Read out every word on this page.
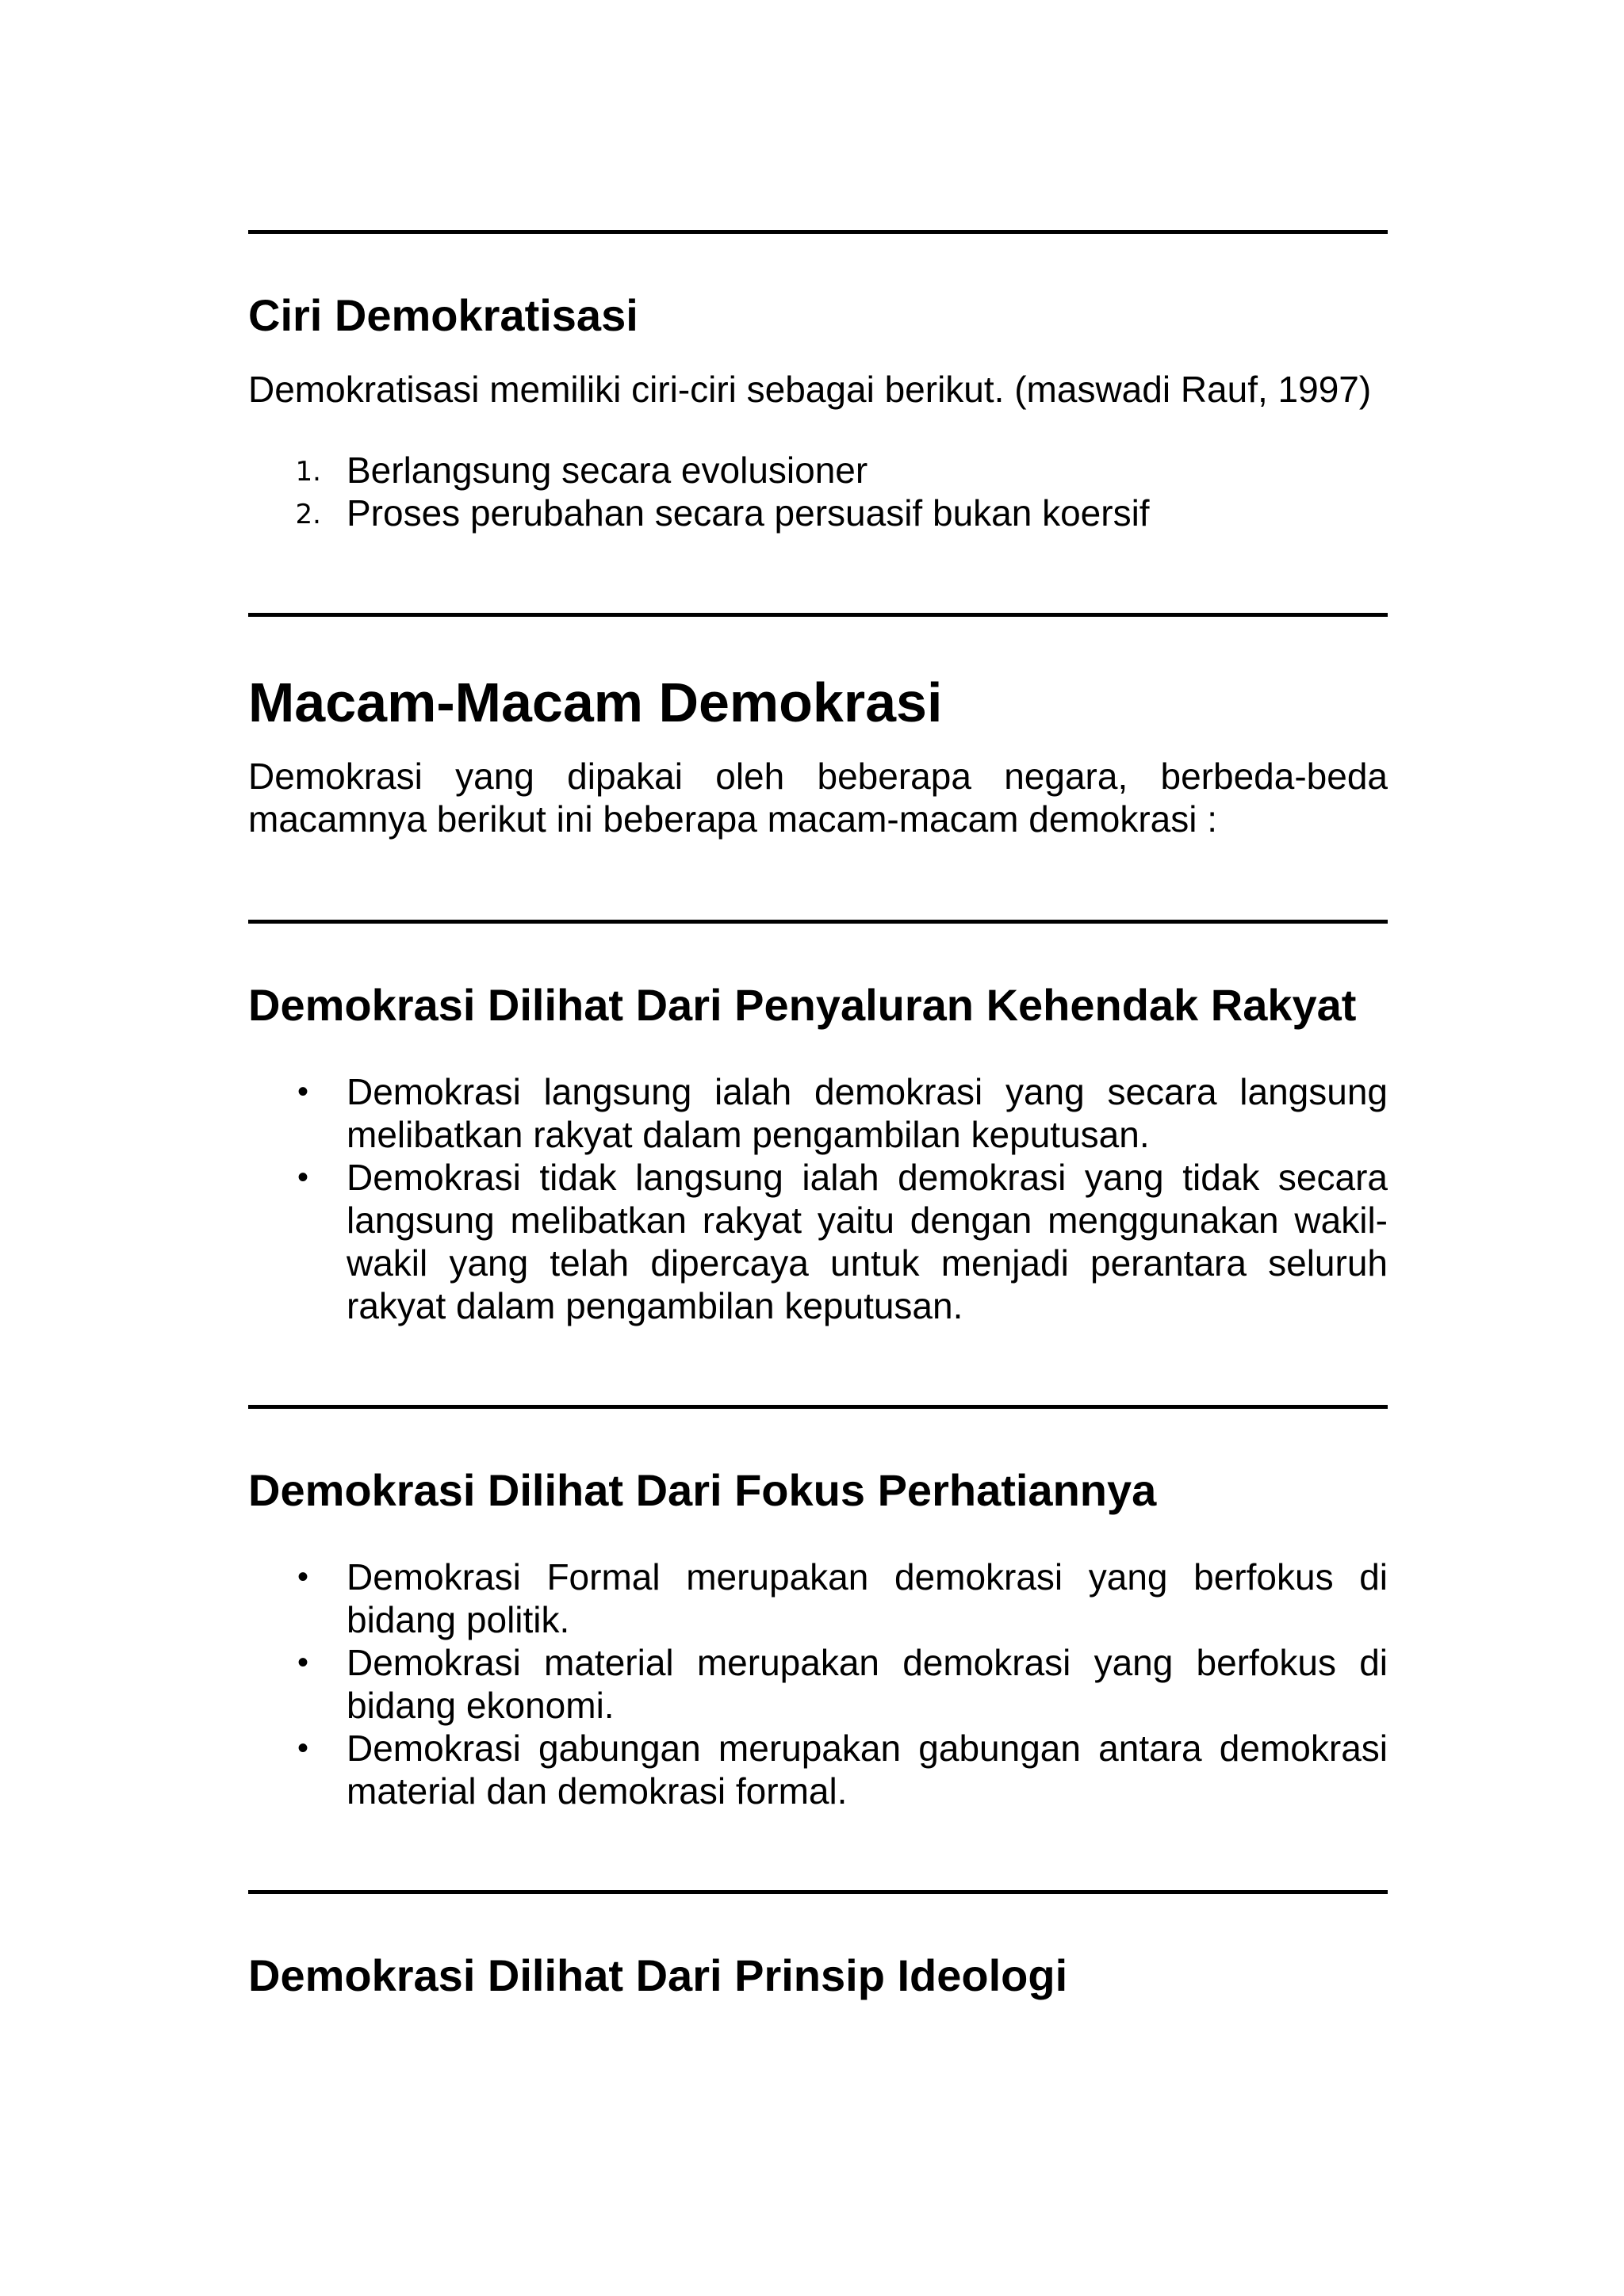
Ciri Demokratisasi

Demokratisasi memiliki ciri-ciri sebagai berikut. (maswadi Rauf, 1997)

1. Berlangsung secara evolusioner
2. Proses perubahan secara persuasif bukan koersif
Macam-Macam Demokrasi

Demokrasi yang dipakai oleh beberapa negara, berbeda-beda macamnya berikut ini beberapa macam-macam demokrasi :

Demokrasi Dilihat Dari Penyaluran Kehendak Rakyat
• Demokrasi langsung ialah demokrasi yang secara langsung melibatkan rakyat dalam pengambilan keputusan.
• Demokrasi tidak langsung ialah demokrasi yang tidak secara langsung melibatkan rakyat yaitu dengan menggunakan wakil-wakil yang telah dipercaya untuk menjadi perantara seluruh rakyat dalam pengambilan keputusan.
Demokrasi Dilihat Dari Fokus Perhatiannya
• Demokrasi Formal merupakan demokrasi yang berfokus di bidang politik.
• Demokrasi material merupakan demokrasi yang berfokus di bidang ekonomi.
• Demokrasi gabungan merupakan gabungan antara demokrasi material dan demokrasi formal.
Demokrasi Dilihat Dari Prinsip Ideologi
